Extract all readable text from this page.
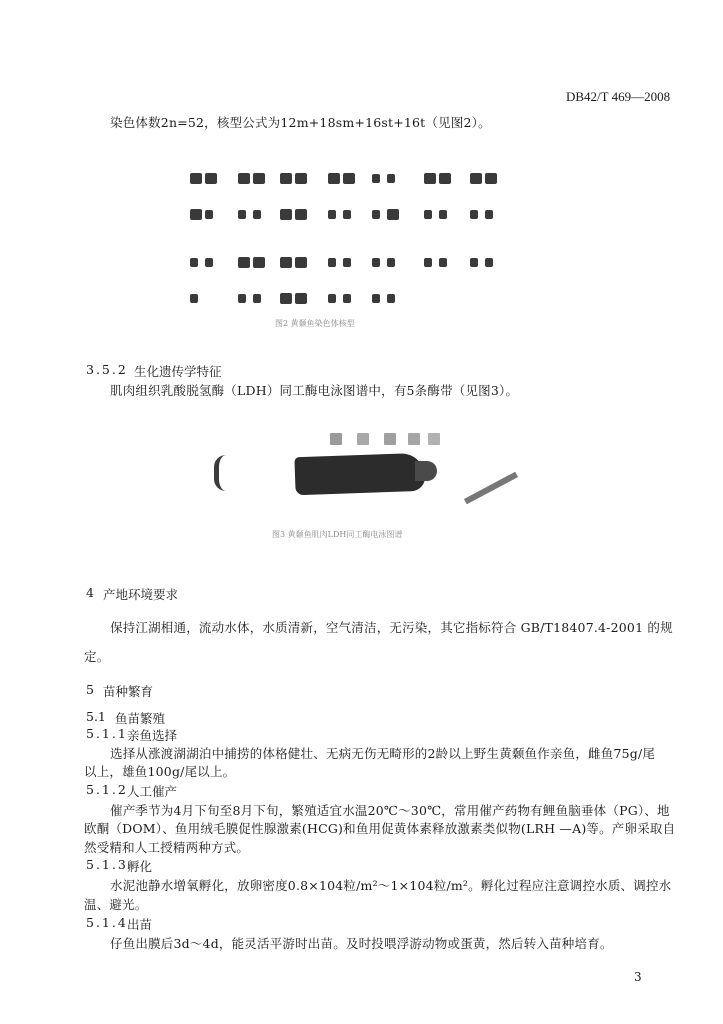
DB42/T 469—2008
染色体数2n=52，核型公式为12m+18sm+16st+16t（见图2）。
图2 黄颡鱼染色体核型
3.5.2 生化遗传学特征
肌肉组织乳酸脱氢酶（LDH）同工酶电泳图谱中，有5条酶带（见图3）。
图3 黄颡鱼肌肉LDH同工酶电泳图谱
4 产地环境要求
保持江湖相通，流动水体，水质清新，空气清洁，无污染，其它指标符合 GB/T18407.4-2001 的规
定。
5 苗种繁育
5.1 鱼苗繁殖
5.1.1 亲鱼选择
选择从涨渡湖湖泊中捕捞的体格健壮、无病无伤无畸形的2龄以上野生黄颡鱼作亲鱼，雌鱼75g/尾
以上，雄鱼100g/尾以上。
5.1.2 人工催产
催产季节为4月下旬至8月下旬，繁殖适宜水温20℃～30℃，常用催产药物有鲤鱼脑垂体（PG）、地
欧酮（DOM）、鱼用绒毛膜促性腺激素(HCG)和鱼用促黄体素释放激素类似物(LRH —A)等。产卵采取自
然受精和人工授精两种方式。
5.1.3 孵化
水泥池静水增氧孵化，放卵密度0.8×104粒/m²～1×104粒/m²。孵化过程应注意调控水质、调控水
温、避光。
5.1.4 出苗
仔鱼出膜后3d～4d，能灵活平游时出苗。及时投喂浮游动物或蛋黄，然后转入苗种培育。
3
